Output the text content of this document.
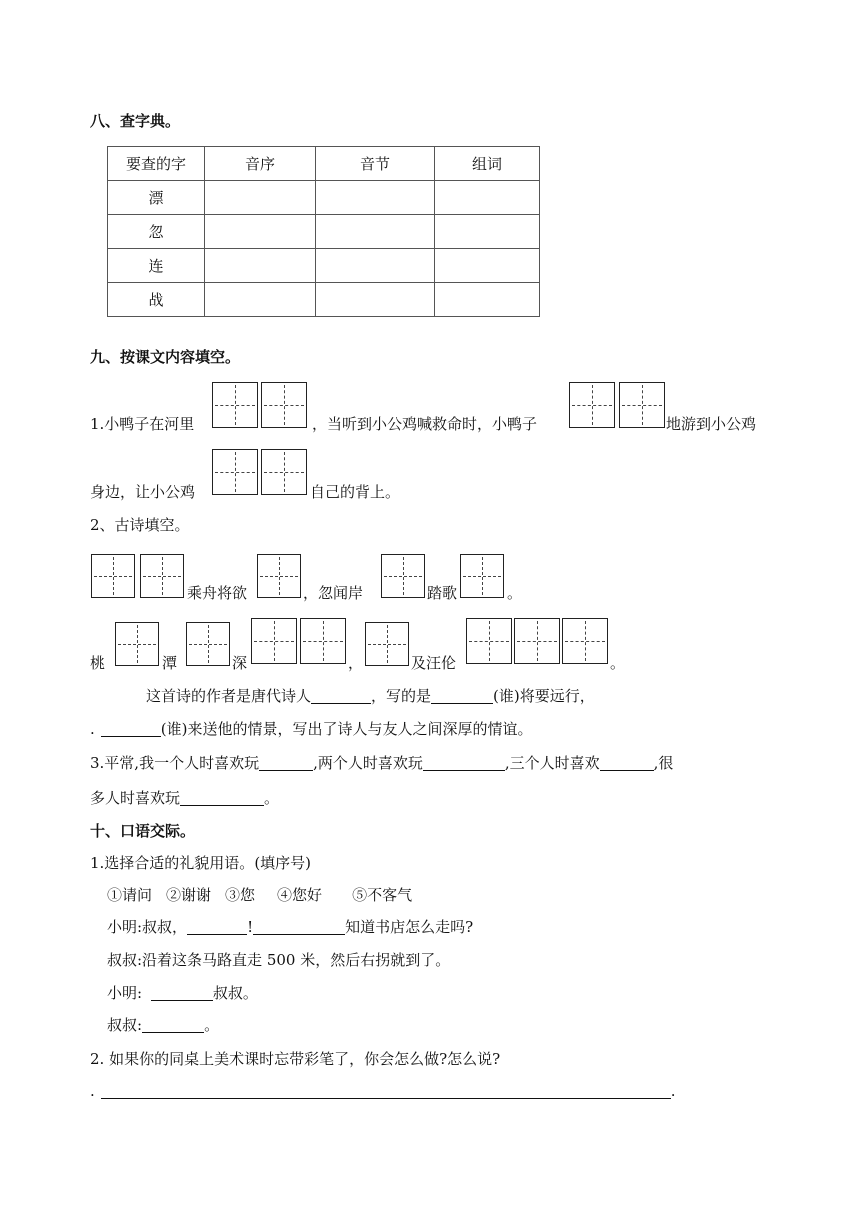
八、查字典。
要查的字	音序	音节	组词
漂			
忽			
连			
战			
九、按课文内容填空。
1.小鸭子在河里	，当听到小公鸡喊救命时，小鸭子	地游到小公鸡
身边，让小公鸡	自己的背上。
2、古诗填空。
乘舟将欲	，忽闻岸	踏歌	。
桃	潭	深	，	及汪伦	。
这首诗的作者是唐代诗人	，写的是	(谁)将要远行，
.	(谁)来送他的情景，写出了诗人与友人之间深厚的情谊。
3.平常,我一个人时喜欢玩	,两个人时喜欢玩	,三个人时喜欢	,很
多人时喜欢玩	。
十、口语交际。
1.选择合适的礼貌用语。(填序号)
①请问 ②谢谢 ③您 ④您好 ⑤不客气
小明:叔叔，	!	知道书店怎么走吗?
叔叔:沿着这条马路直走 500 米，然后右拐就到了。
小明:	叔叔。
叔叔:	。
2. 如果你的同桌上美术课时忘带彩笔了，你会怎么做?怎么说?
.	.
